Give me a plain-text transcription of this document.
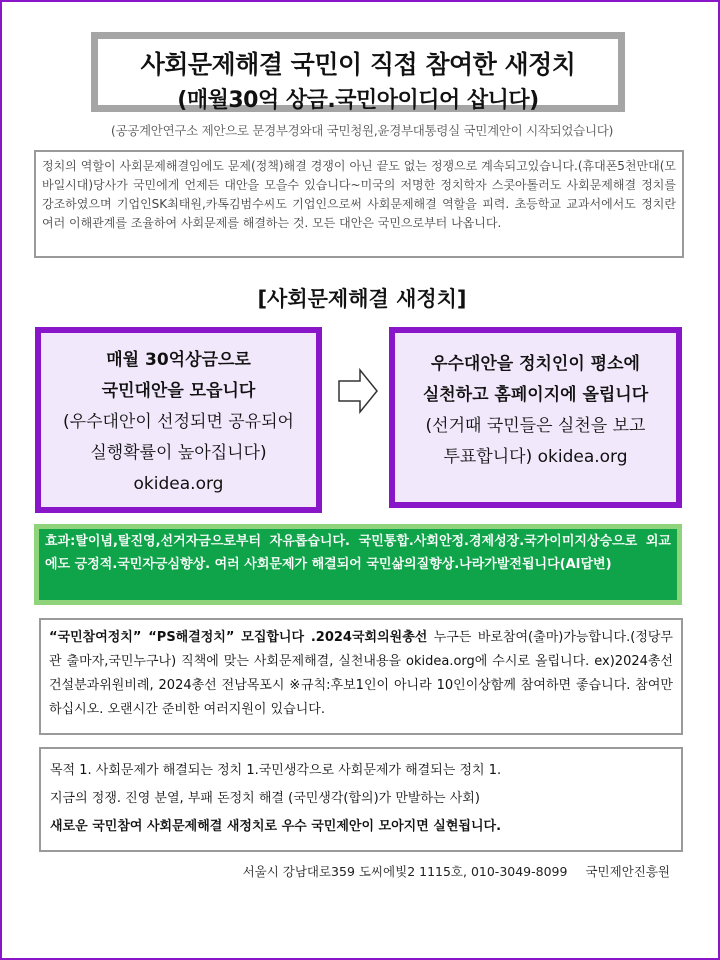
사회문제해결 국민이 직접 참여한 새정치
(매월30억 상금.국민아이디어 삽니다)
(공공계안연구소 제안으로 문경부경와대 국민청원,윤경부대통령실 국민계안이 시작되었습니다)
정치의 역할이 사회문제해결임에도 문제(정책)해결 경쟁이 아닌 끝도 없는 정쟁으로 계속되고있습니다.(휴대폰5천만대(모바일시대)당사가 국민에게 언제든 대안을 모을수 있습니다~미국의 저명한 정치학자 스콧아톨러도 사회문제해결 정치를 강조하였으며 기업인SK최태원,카톡김범수씨도 기업인으로써 사회문제해결 역할을 피력. 초등학교 교과서에서도 정치란 여러 이해관계를 조율하여 사회문제를 해결하는 것. 모든 대안은 국민으로부터 나옵니다.
[사회문제해결 새정치]
매월 30억상금으로
국민대안을 모읍니다
(우수대안이 선정되면 공유되어
실행확률이 높아집니다)
okidea.org
우수대안을 정치인이 평소에
실천하고 홈페이지에 올립니다
(선거때 국민들은 실천을 보고
투표합니다) okidea.org
효과:탈이념,탈진영,선거자금으로부터 자유롭습니다. 국민통합.사회안정.경제성장.국가이미지상승으로 외교에도 긍정적.국민자긍심향상. 여러 사회문제가 해결되어 국민삶의질향상.나라가발전됩니다(AI답변)
“국민참여정치” “PS해결정치” 모집합니다 .2024국회의원총선 누구든 바로참여(출마)가능합니다.(정당무관 출마자,국민누구나) 직책에 맞는 사회문제해결, 실천내용을 okidea.org에 수시로 올립니다. ex)2024총선 건설분과위원비례, 2024총선 전남목포시 ※규칙:후보1인이 아니라 10인이상함께 참여하면 좋습니다. 참여만 하십시오. 오랜시간 준비한 여러지원이 있습니다.
목적 1. 사회문제가 해결되는 정치 1.국민생각으로 사회문제가 해결되는 정치 1.
지금의 정쟁. 진영 분열, 부패 돈정치 해결 (국민생각(합의)가 만발하는 사회)
새로운 국민참여 사회문제해결 새정치로 우수 국민제안이 모아지면 실현됩니다.
서울시 강남대로359 도씨에빛2 1115호, 010-3049-8099 국민제안진흥원
